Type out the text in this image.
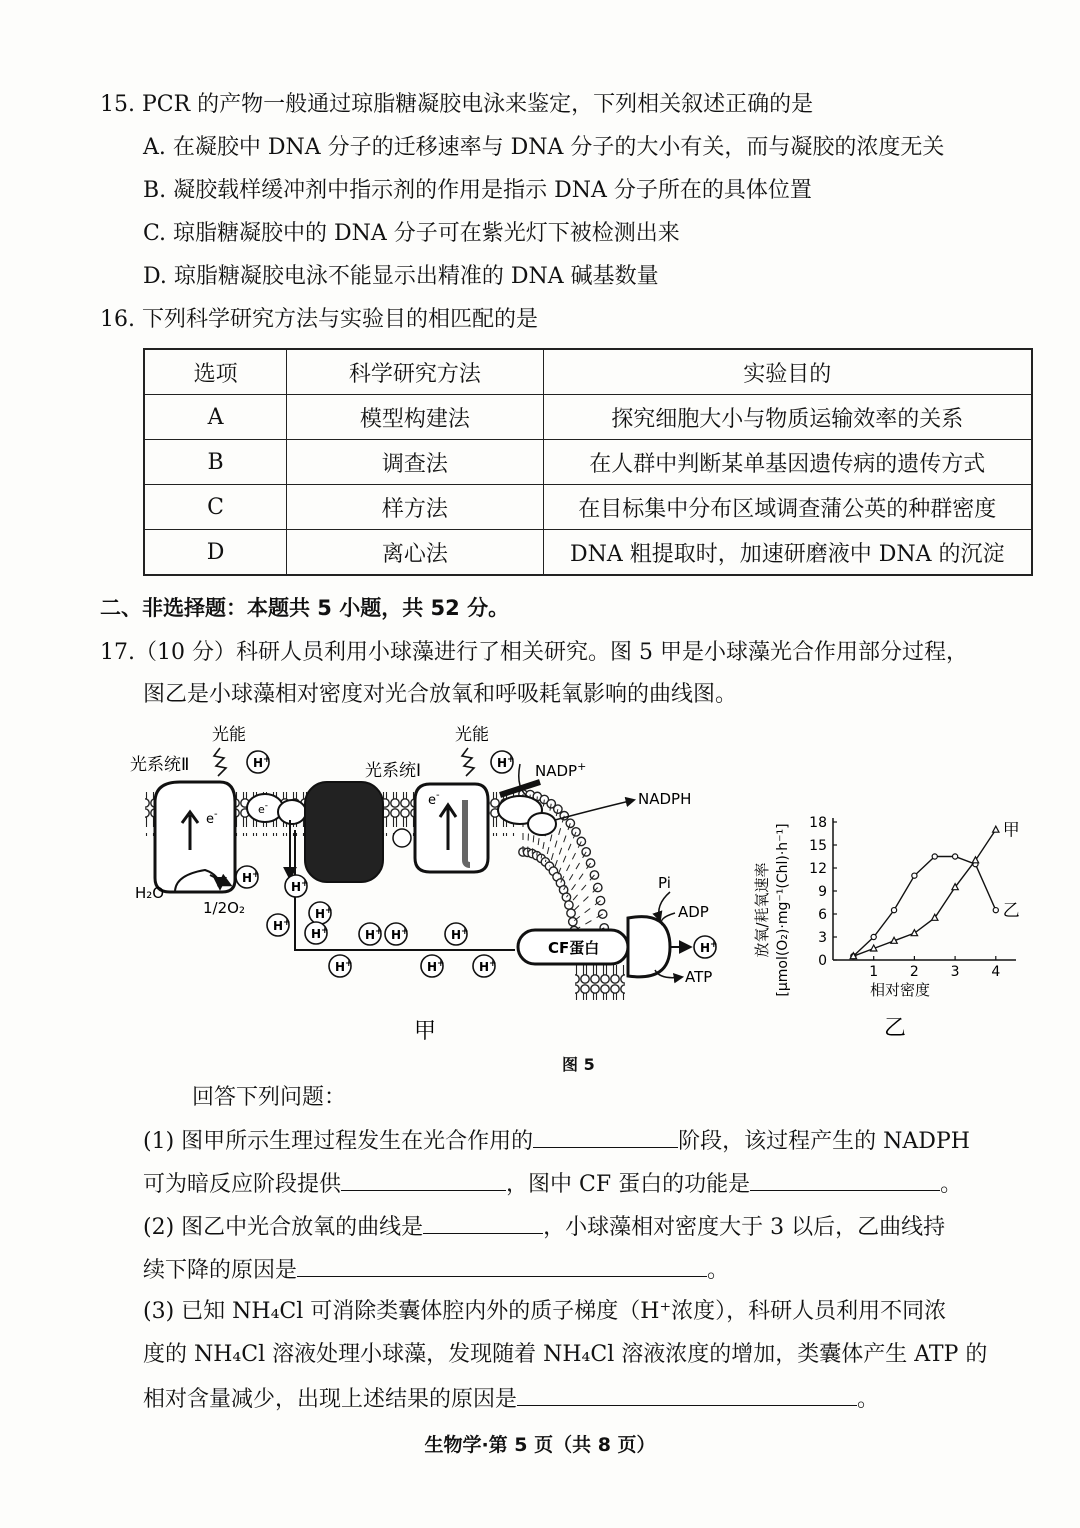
15. PCR 的产物一般通过琼脂糖凝胶电泳来鉴定，下列相关叙述正确的是
A. 在凝胶中 DNA 分子的迁移速率与 DNA 分子的大小有关，而与凝胶的浓度无关
B. 凝胶载样缓冲剂中指示剂的作用是指示 DNA 分子所在的具体位置
C. 琼脂糖凝胶中的 DNA 分子可在紫光灯下被检测出来
D. 琼脂糖凝胶电泳不能显示出精准的 DNA 碱基数量
16. 下列科学研究方法与实验目的相匹配的是
选项	科学研究方法	实验目的
A	模型构建法	探究细胞大小与物质运输效率的关系
B	调查法	在人群中判断某单基因遗传病的遗传方式
C	样方法	在目标集中分布区域调查蒲公英的种群密度
D	离心法	DNA 粗提取时，加速研磨液中 DNA 的沉淀
二、非选择题：本题共 5 小题，共 52 分。
17.（10 分）科研人员利用小球藻进行了相关研究。图 5 甲是小球藻光合作用部分过程，
图乙是小球藻相对密度对光合放氧和呼吸耗氧影响的曲线图。
e-	e-	e-
光能
光系统Ⅱ
光能
光系统Ⅰ	NADP+
NADPH
H₂O
1/2O₂
CF蛋白
Pi
ADP
ATP
H+	H+
H+
H+
H+
H+
H+
H+ H+	H+
H+	H+	H+
H+
甲
放氧/耗氧速率 [μmol(O₂)·mg⁻¹(Chl)·h⁻¹] 0
3
6
9
12
15
18
1 2 3 4
乙
甲
相对密度
乙
图 5
回答下列问题：
(1) 图甲所示生理过程发生在光合作用的	阶段，该过程产生的 NADPH
可为暗反应阶段提供	，图中 CF 蛋白的功能是	。
(2) 图乙中光合放氧的曲线是	，小球藻相对密度大于 3 以后，乙曲线持
续下降的原因是	。
(3) 已知 NH₄Cl 可消除类囊体腔内外的质子梯度（H⁺浓度），科研人员利用不同浓
度的 NH₄Cl 溶液处理小球藻，发现随着 NH₄Cl 溶液浓度的增加，类囊体产生 ATP 的
相对含量减少，出现上述结果的原因是	。
生物学·第 5 页（共 8 页）
